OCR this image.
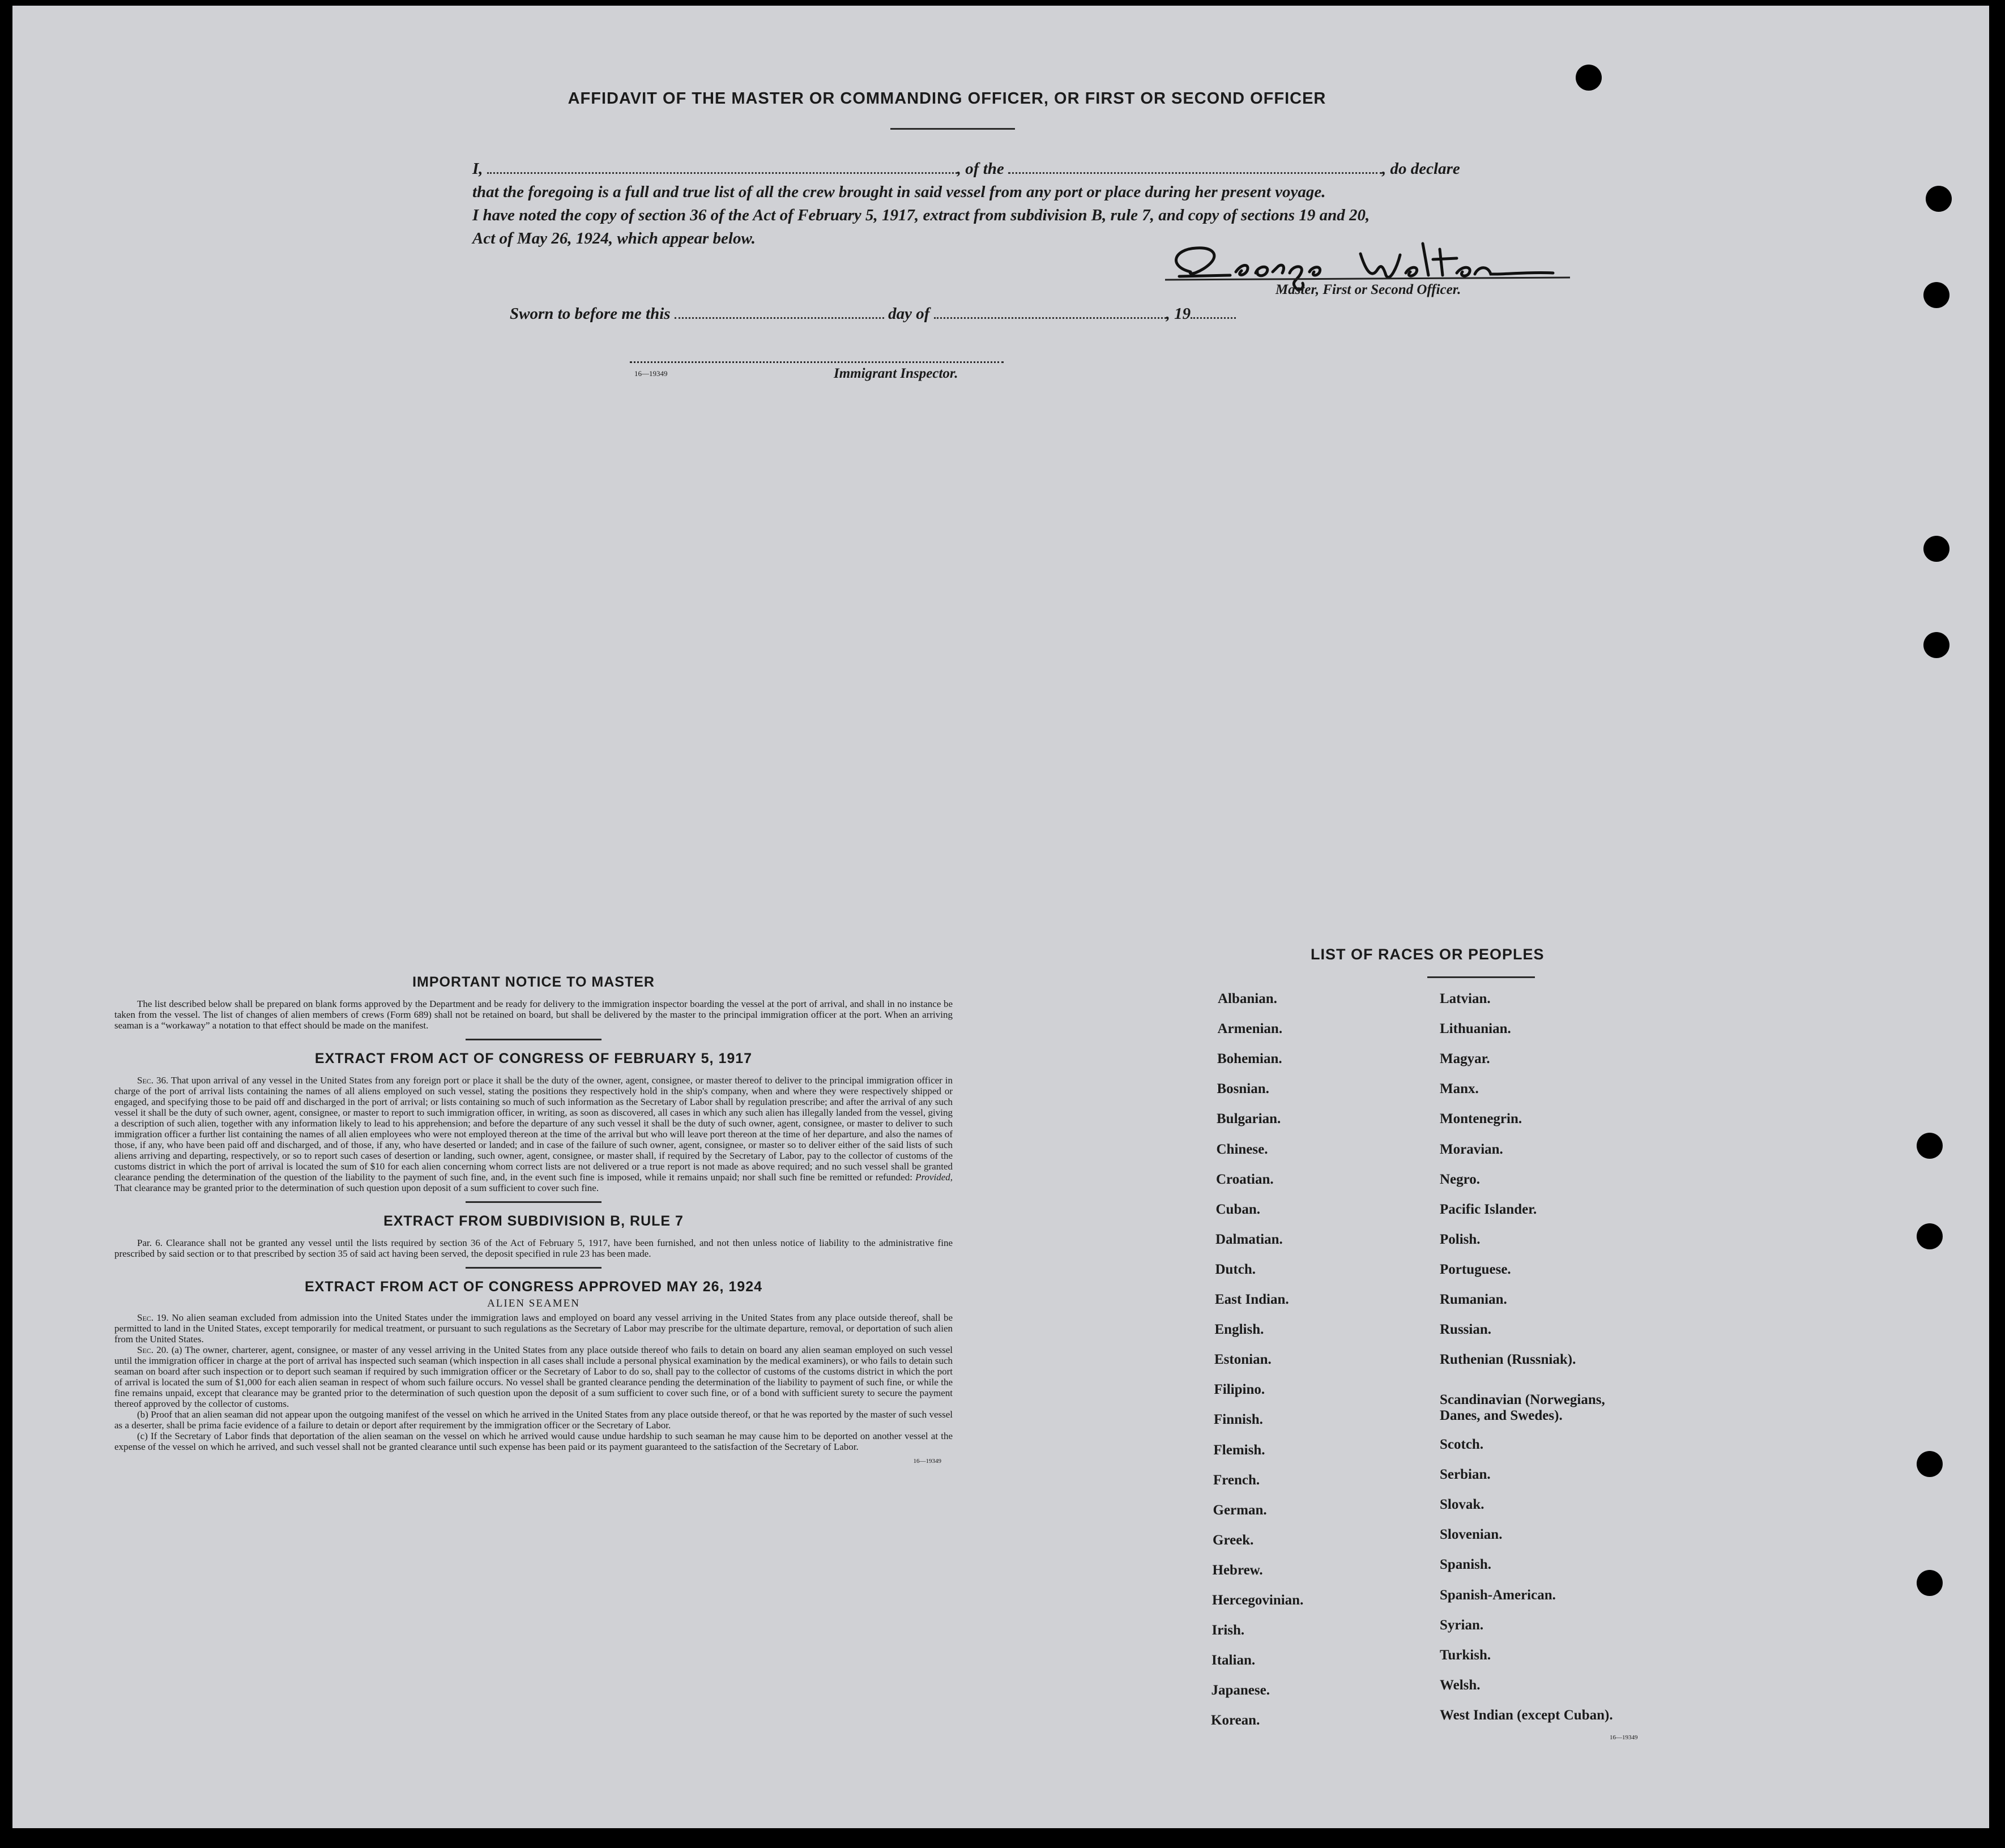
AFFIDAVIT OF THE MASTER OR COMMANDING OFFICER, OR FIRST OR SECOND OFFICER

I,	, of the	, do declare

that the foregoing is a full and true list of all the crew brought in said vessel from any port or place during her present voyage.

I have noted the copy of section 36 of the Act of February 5, 1917, extract from subdivision B, rule 7, and copy of sections 19 and 20,

Act of May 26, 1924, which appear below.

Master, First or Second Officer.
Sworn to before me this	day of	, 19
16—19349	Immigrant Inspector.
IMPORTANT NOTICE TO MASTER

The list described below shall be prepared on blank forms approved by the Department and be ready for delivery to the immigration inspector boarding the vessel at the port of arrival, and shall in no instance be taken from the vessel. The list of changes of alien members of crews (Form 689) shall not be retained on board, but shall be delivered by the master to the principal immigration officer at the port. When an arriving seaman is a “workaway” a notation to that effect should be made on the manifest.

EXTRACT FROM ACT OF CONGRESS OF FEBRUARY 5, 1917

Sec. 36. That upon arrival of any vessel in the United States from any foreign port or place it shall be the duty of the owner, agent, consignee, or master thereof to deliver to the principal immigration officer in charge of the port of arrival lists containing the names of all aliens employed on such vessel, stating the positions they respectively hold in the ship's company, when and where they were respectively shipped or engaged, and specifying those to be paid off and discharged in the port of arrival; or lists containing so much of such information as the Secretary of Labor shall by regulation prescribe; and after the arrival of any such vessel it shall be the duty of such owner, agent, consignee, or master to report to such immigration officer, in writing, as soon as discovered, all cases in which any such alien has illegally landed from the vessel, giving a description of such alien, together with any information likely to lead to his apprehension; and before the departure of any such vessel it shall be the duty of such owner, agent, consignee, or master to deliver to such immigration officer a further list containing the names of all alien employees who were not employed thereon at the time of the arrival but who will leave port thereon at the time of her departure, and also the names of those, if any, who have been paid off and discharged, and of those, if any, who have deserted or landed; and in case of the failure of such owner, agent, consignee, or master so to deliver either of the said lists of such aliens arriving and departing, respectively, or so to report such cases of desertion or landing, such owner, agent, consignee, or master shall, if required by the Secretary of Labor, pay to the collector of customs of the customs district in which the port of arrival is located the sum of $10 for each alien concerning whom correct lists are not delivered or a true report is not made as above required; and no such vessel shall be granted clearance pending the determination of the question of the liability to the payment of such fine, and, in the event such fine is imposed, while it remains unpaid; nor shall such fine be remitted or refunded: Provided, That clearance may be granted prior to the determination of such question upon deposit of a sum sufficient to cover such fine.

EXTRACT FROM SUBDIVISION B, RULE 7

Par. 6. Clearance shall not be granted any vessel until the lists required by section 36 of the Act of February 5, 1917, have been furnished, and not then unless notice of liability to the administrative fine prescribed by said section or to that prescribed by section 35 of said act having been served, the deposit specified in rule 23 has been made.

EXTRACT FROM ACT OF CONGRESS APPROVED MAY 26, 1924
ALIEN SEAMEN

Sec. 19. No alien seaman excluded from admission into the United States under the immigration laws and employed on board any vessel arriving in the United States from any place outside thereof, shall be permitted to land in the United States, except temporarily for medical treatment, or pursuant to such regulations as the Secretary of Labor may prescribe for the ultimate departure, removal, or deportation of such alien from the United States.

Sec. 20. (a) The owner, charterer, agent, consignee, or master of any vessel arriving in the United States from any place outside thereof who fails to detain on board any alien seaman employed on such vessel until the immigration officer in charge at the port of arrival has inspected such seaman (which inspection in all cases shall include a personal physical examination by the medical examiners), or who fails to detain such seaman on board after such inspection or to deport such seaman if required by such immigration officer or the Secretary of Labor to do so, shall pay to the collector of customs of the customs district in which the port of arrival is located the sum of $1,000 for each alien seaman in respect of whom such failure occurs. No vessel shall be granted clearance pending the determination of the liability to payment of such fine, or while the fine remains unpaid, except that clearance may be granted prior to the determination of such question upon the deposit of a sum sufficient to cover such fine, or of a bond with sufficient surety to secure the payment thereof approved by the collector of customs.

(b) Proof that an alien seaman did not appear upon the outgoing manifest of the vessel on which he arrived in the United States from any place outside thereof, or that he was reported by the master of such vessel as a deserter, shall be prima facie evidence of a failure to detain or deport after requirement by the immigration officer or the Secretary of Labor.

(c) If the Secretary of Labor finds that deportation of the alien seaman on the vessel on which he arrived would cause undue hardship to such seaman he may cause him to be deported on another vessel at the expense of the vessel on which he arrived, and such vessel shall not be granted clearance until such expense has been paid or its payment guaranteed to the satisfaction of the Secretary of Labor.

16—19349
LIST OF RACES OR PEOPLES
Albanian.
Armenian.
Bohemian.
Bosnian.
Bulgarian.
Chinese.
Croatian.
Cuban.
Dalmatian.
Dutch.
East Indian.
English.
Estonian.
Filipino.
Finnish.
Flemish.
French.
German.
Greek.
Hebrew.
Hercegovinian.
Irish.
Italian.
Japanese.
Korean.
Latvian.
Lithuanian.
Magyar.
Manx.
Montenegrin.
Moravian.
Negro.
Pacific Islander.
Polish.
Portuguese.
Rumanian.
Russian.
Ruthenian (Russniak).
Scandinavian (Norwegians,
Scotch.
Serbian.
Slovak.
Slovenian.
Spanish.
Spanish-American.
Syrian.
Turkish.
Welsh.
West Indian (except Cuban).
Danes, and Swedes).
16—19349
